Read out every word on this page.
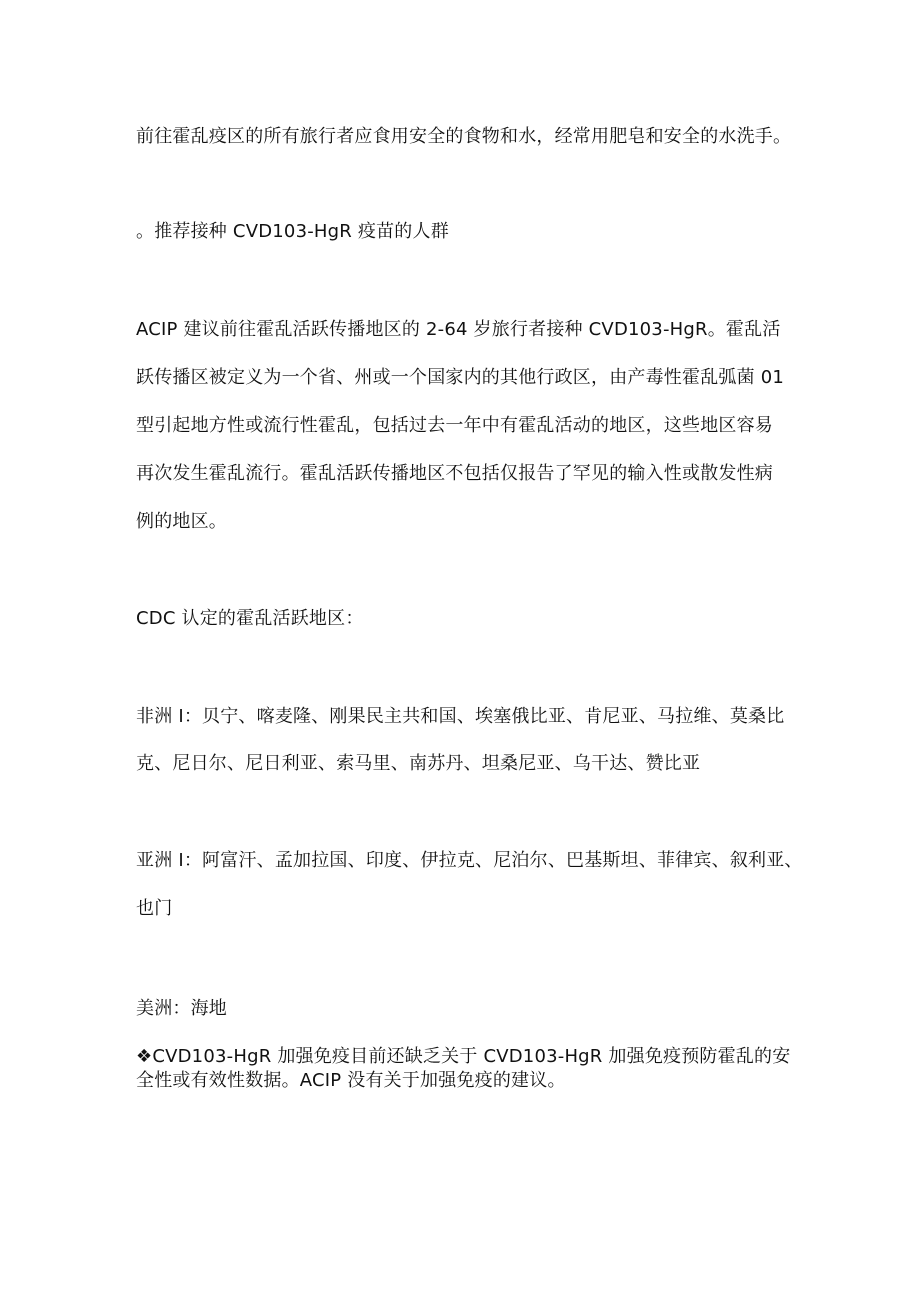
前往霍乱疫区的所有旅行者应食用安全的食物和水，经常用肥皂和安全的水洗手。
。推荐接种 CVD103-HgR 疫苗的人群
ACIP 建议前往霍乱活跃传播地区的 2-64 岁旅行者接种 CVD103-HgR。霍乱活
跃传播区被定义为一个省、州或一个国家内的其他行政区，由产毒性霍乱弧菌 01
型引起地方性或流行性霍乱，包括过去一年中有霍乱活动的地区，这些地区容易
再次发生霍乱流行。霍乱活跃传播地区不包括仅报告了罕见的输入性或散发性病
例的地区。
CDC 认定的霍乱活跃地区：
非洲 I：贝宁、喀麦隆、刚果民主共和国、埃塞俄比亚、肯尼亚、马拉维、莫桑比
克、尼日尔、尼日利亚、索马里、南苏丹、坦桑尼亚、乌干达、赞比亚
亚洲 I：阿富汗、孟加拉国、印度、伊拉克、尼泊尔、巴基斯坦、菲律宾、叙利亚、
也门
美洲：海地
❖CVD103-HgR 加强免疫目前还缺乏关于 CVD103-HgR 加强免疫预防霍乱的安全性或有效性数据。ACIP 没有关于加强免疫的建议。
